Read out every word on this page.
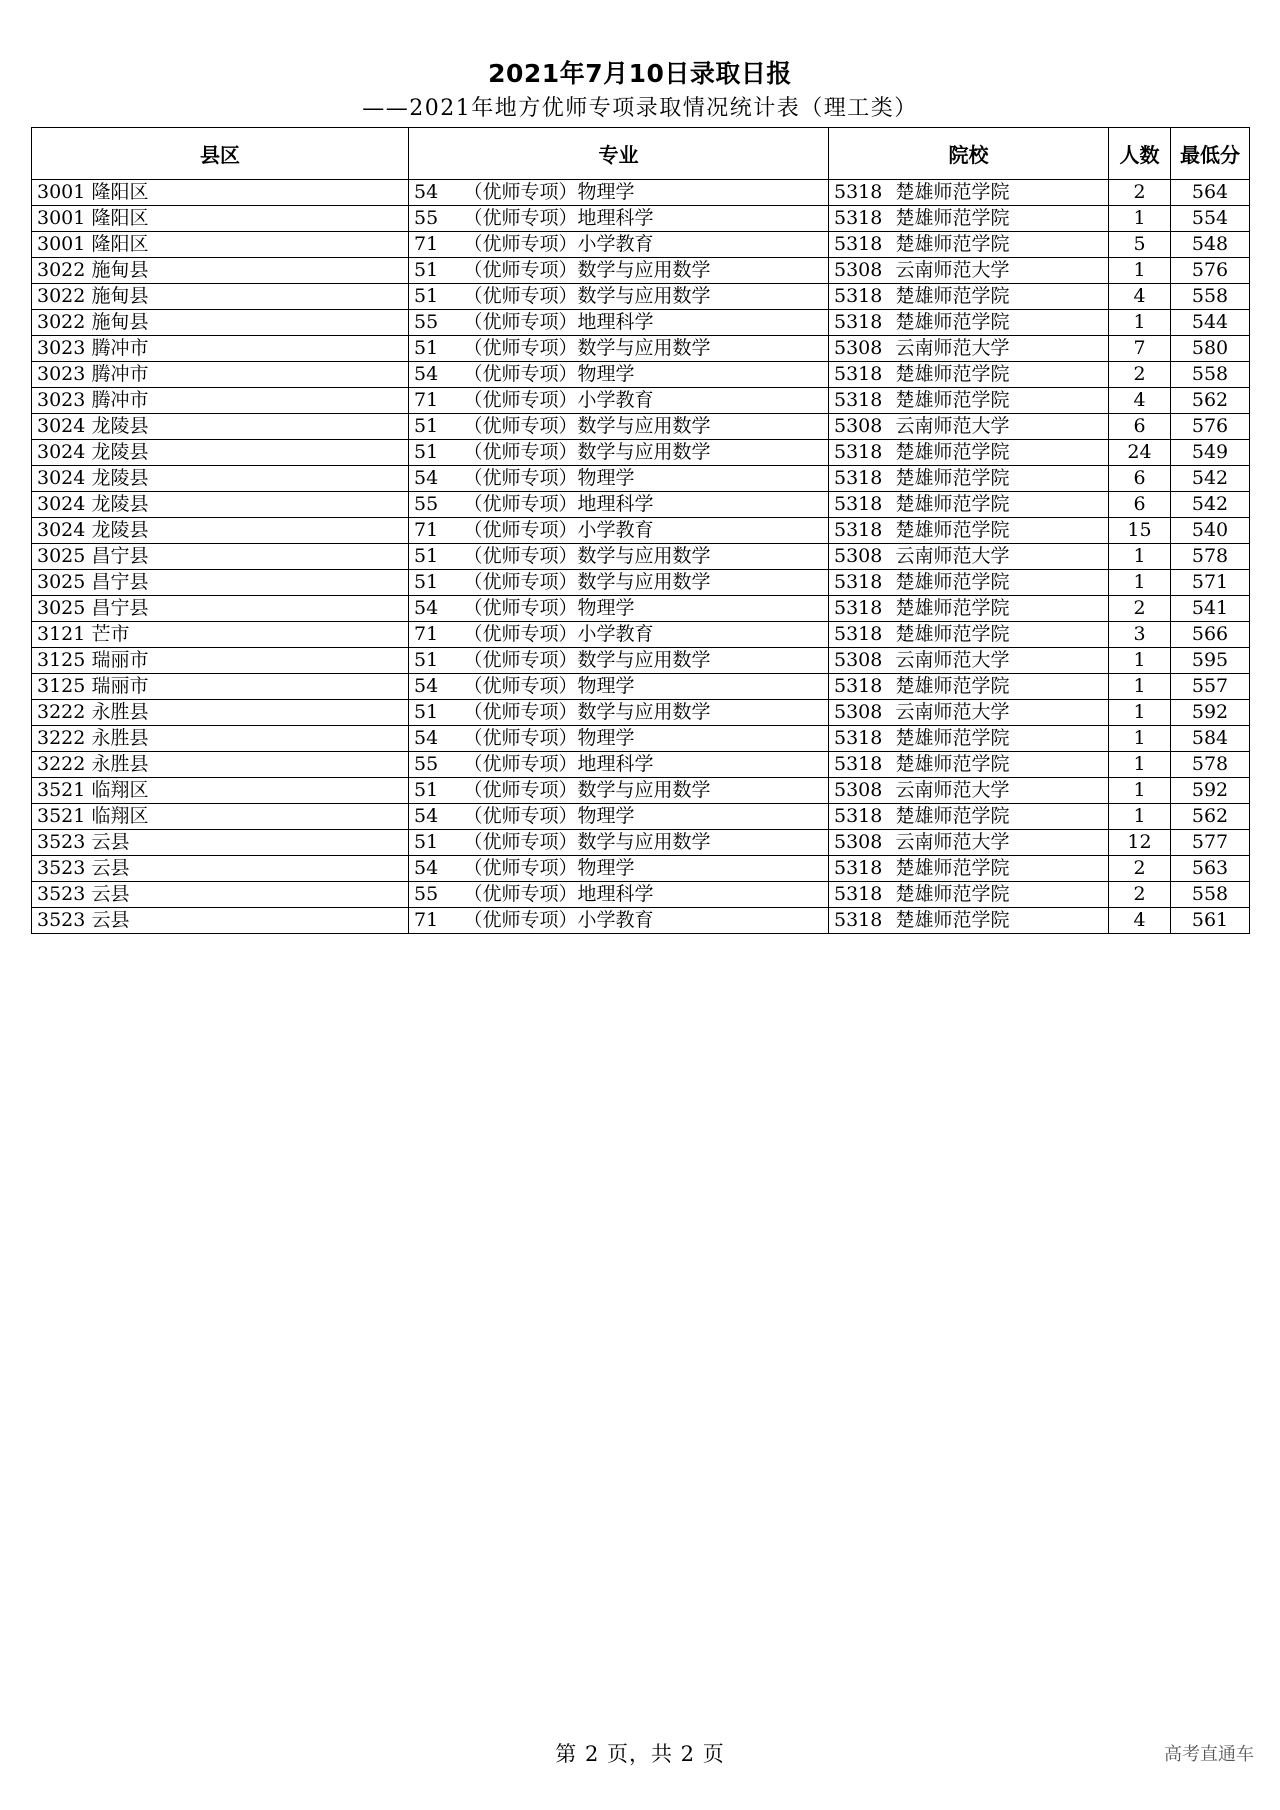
2021年7月10日录取日报
——2021年地方优师专项录取情况统计表（理工类）
县区		专业		院校		人数	最低分
3001	隆阳区	54	（优师专项）物理学	5318	楚雄师范学院	2	564
3001	隆阳区	55	（优师专项）地理科学	5318	楚雄师范学院	1	554
3001	隆阳区	71	（优师专项）小学教育	5318	楚雄师范学院	5	548
3022	施甸县	51	（优师专项）数学与应用数学	5308	云南师范大学	1	576
3022	施甸县	51	（优师专项）数学与应用数学	5318	楚雄师范学院	4	558
3022	施甸县	55	（优师专项）地理科学	5318	楚雄师范学院	1	544
3023	腾冲市	51	（优师专项）数学与应用数学	5308	云南师范大学	7	580
3023	腾冲市	54	（优师专项）物理学	5318	楚雄师范学院	2	558
3023	腾冲市	71	（优师专项）小学教育	5318	楚雄师范学院	4	562
3024	龙陵县	51	（优师专项）数学与应用数学	5308	云南师范大学	6	576
3024	龙陵县	51	（优师专项）数学与应用数学	5318	楚雄师范学院	24	549
3024	龙陵县	54	（优师专项）物理学	5318	楚雄师范学院	6	542
3024	龙陵县	55	（优师专项）地理科学	5318	楚雄师范学院	6	542
3024	龙陵县	71	（优师专项）小学教育	5318	楚雄师范学院	15	540
3025	昌宁县	51	（优师专项）数学与应用数学	5308	云南师范大学	1	578
3025	昌宁县	51	（优师专项）数学与应用数学	5318	楚雄师范学院	1	571
3025	昌宁县	54	（优师专项）物理学	5318	楚雄师范学院	2	541
3121	芒市	71	（优师专项）小学教育	5318	楚雄师范学院	3	566
3125	瑞丽市	51	（优师专项）数学与应用数学	5308	云南师范大学	1	595
3125	瑞丽市	54	（优师专项）物理学	5318	楚雄师范学院	1	557
3222	永胜县	51	（优师专项）数学与应用数学	5308	云南师范大学	1	592
3222	永胜县	54	（优师专项）物理学	5318	楚雄师范学院	1	584
3222	永胜县	55	（优师专项）地理科学	5318	楚雄师范学院	1	578
3521	临翔区	51	（优师专项）数学与应用数学	5308	云南师范大学	1	592
3521	临翔区	54	（优师专项）物理学	5318	楚雄师范学院	1	562
3523	云县	51	（优师专项）数学与应用数学	5308	云南师范大学	12	577
3523	云县	54	（优师专项）物理学	5318	楚雄师范学院	2	563
3523	云县	55	（优师专项）地理科学	5318	楚雄师范学院	2	558
3523	云县	71	（优师专项）小学教育	5318	楚雄师范学院	4	561
第 2 页，共 2 页	高考直通车
